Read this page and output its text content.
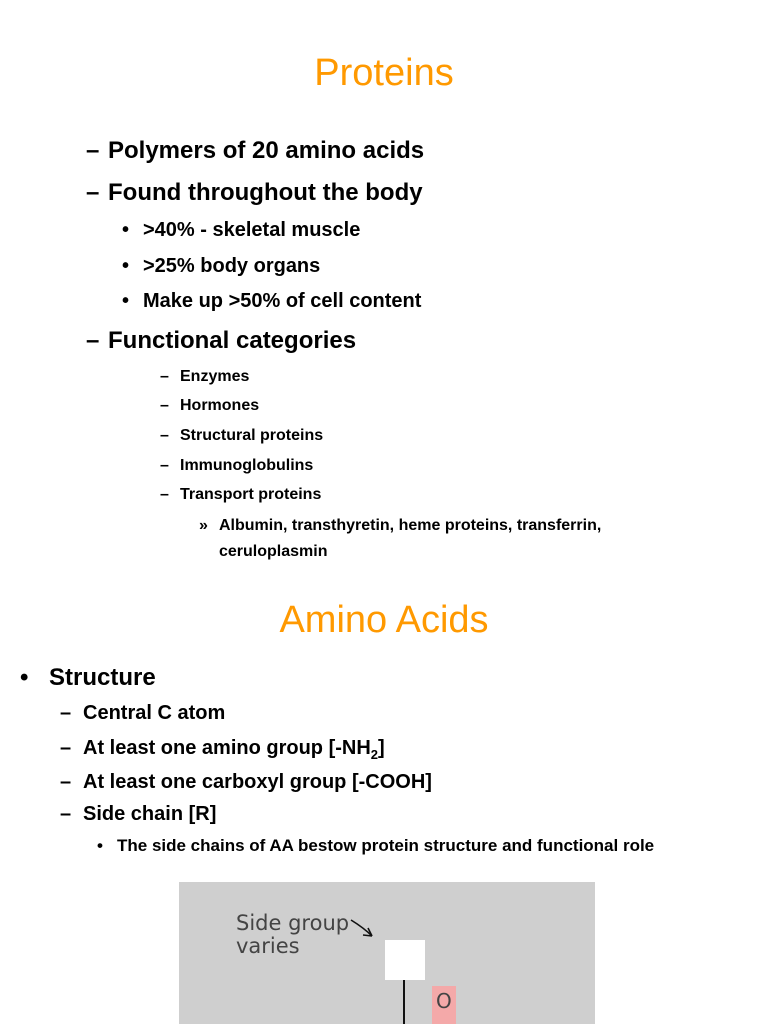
Proteins
– Polymers of 20 amino acids
– Found throughout the body
• >40% - skeletal muscle
• >25% body organs
• Make up >50% of cell content
– Functional categories
– Enzymes
– Hormones
– Structural proteins
– Immunoglobulins
– Transport proteins
» Albumin, transthyretin, heme proteins, transferrin,
ceruloplasmin
Amino Acids
• Structure
– Central C atom
– At least one amino group $[-NH_2]$
– At least one carboxyl group [-COOH]
– Side chain [R]
• The side chains of AA bestow protein structure and functional role
Side group
varies
O
